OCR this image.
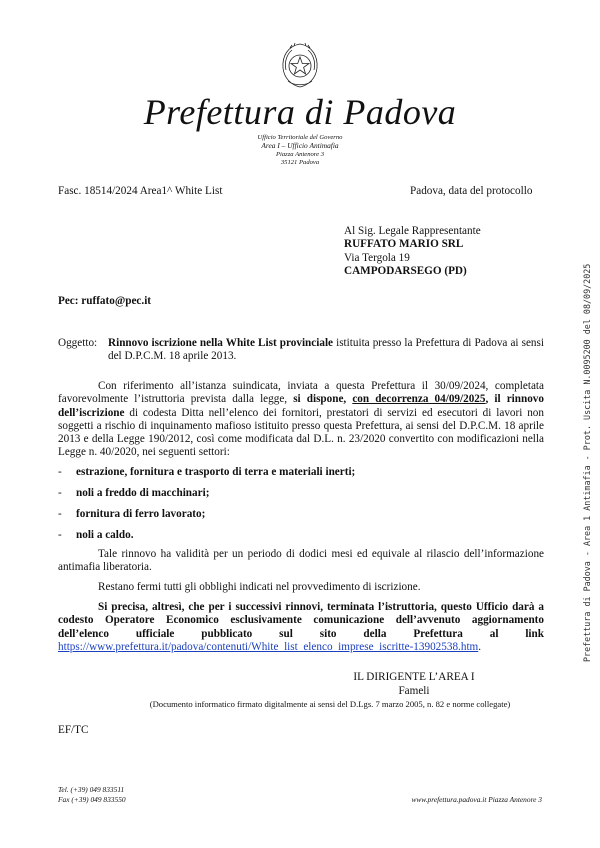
Prefettura di Padova
Ufficio Territoriale del Governo
Area I – Ufficio Antimafia
Piazza Antenore 3
35121 Padova
Fasc. 18514/2024 Area1^ White List	Padova, data del protocollo
Al Sig. Legale Rappresentante
RUFFATO MARIO SRL
Via Tergola 19
CAMPODARSEGO (PD)
Pec: ruffato@pec.it
Oggetto: Rinnovo iscrizione nella White List provinciale istituita presso la Prefettura di Padova ai sensi del D.P.C.M. 18 aprile 2013.
Con riferimento all’istanza suindicata, inviata a questa Prefettura il 30/09/2024, completata favorevolmente l’istruttoria prevista dalla legge, si dispone, con decorrenza 04/09/2025, il rinnovo dell’iscrizione di codesta Ditta nell’elenco dei fornitori, prestatori di servizi ed esecutori di lavori non soggetti a rischio di inquinamento mafioso istituito presso questa Prefettura, ai sensi del D.P.C.M. 18 aprile 2013 e della Legge 190/2012, così come modificata dal D.L. n. 23/2020 convertito con modificazioni nella Legge n. 40/2020, nei seguenti settori:
- estrazione, fornitura e trasporto di terra e materiali inerti;
- noli a freddo di macchinari;
- fornitura di ferro lavorato;
- noli a caldo.
Tale rinnovo ha validità per un periodo di dodici mesi ed equivale al rilascio dell’informazione antimafia liberatoria.
Restano fermi tutti gli obblighi indicati nel provvedimento di iscrizione.
Si precisa, altresì, che per i successivi rinnovi, terminata l’istruttoria, questo Ufficio darà a codesto Operatore Economico esclusivamente comunicazione dell’avvenuto aggiornamento dell’elenco ufficiale pubblicato sul sito della Prefettura al link https://www.prefettura.it/padova/contenuti/White_list_elenco_imprese_iscritte-13902538.htm.
IL DIRIGENTE L’AREA I
Fameli
(Documento informatico firmato digitalmente ai sensi del D.Lgs. 7 marzo 2005, n. 82 e norme collegate)
EF/TC
Tel. (+39) 049 833511
Fax (+39) 049 833550	www.prefettura.padova.it Piazza Antenore 3
Prefettura di Padova - Area 1 Antimafia - Prot. Uscita N.0095200 del 08/09/2025
